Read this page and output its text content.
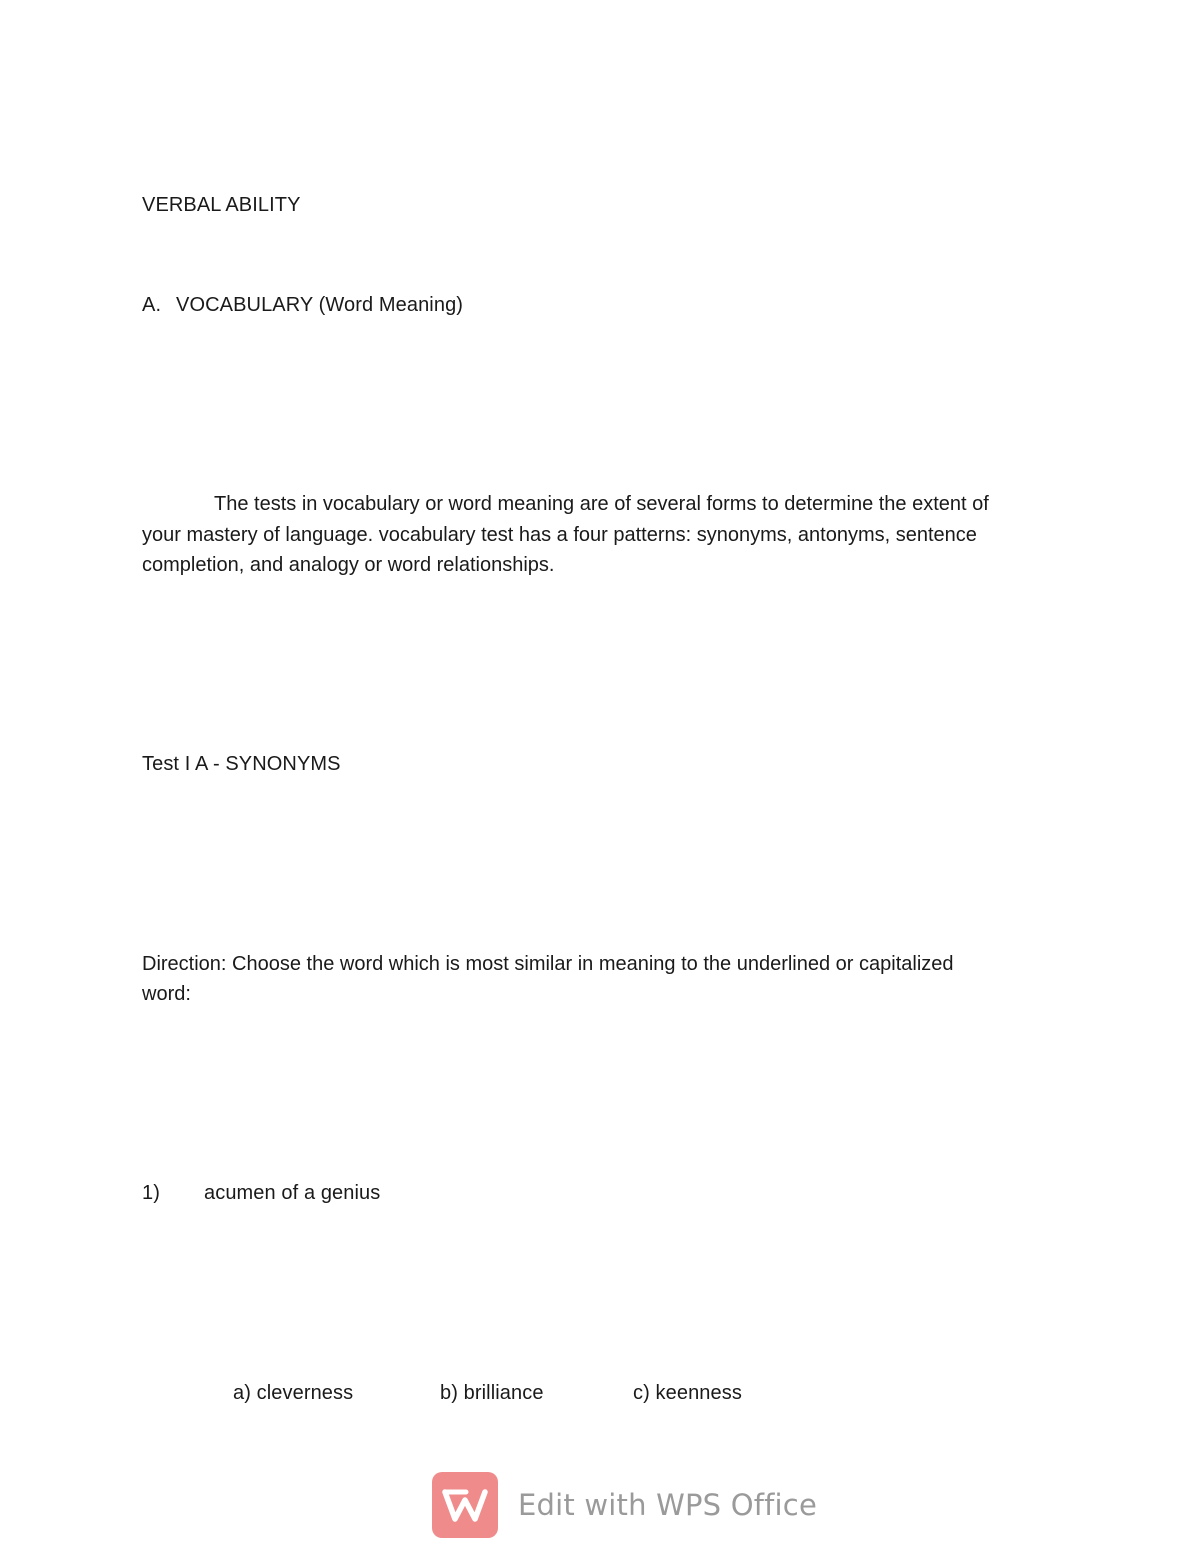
VERBAL ABILITY
A. VOCABULARY (Word Meaning)
The tests in vocabulary or word meaning are of several forms to determine the extent of
your mastery of language. vocabulary test has a four patterns: synonyms, antonyms, sentence
completion, and analogy or word relationships.
Test I A - SYNONYMS
Direction: Choose the word which is most similar in meaning to the underlined or capitalized
word:
1) acumen of a genius
a) cleverness	b) brilliance	c) keenness
Edit with WPS Office
